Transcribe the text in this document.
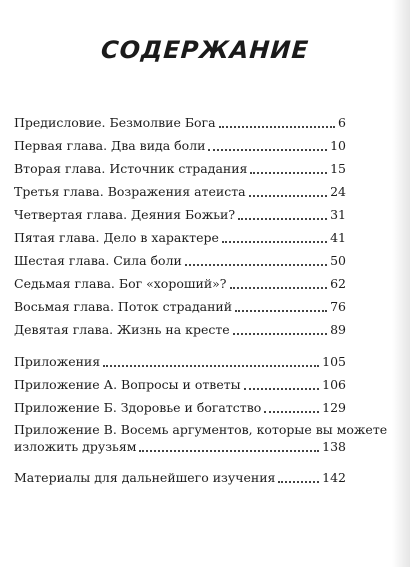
СОДЕРЖАНИЕ
Предисловие. Безмолвие Бога	6
Первая глава. Два вида боли	10
Вторая глава. Источник страдания	15
Третья глава. Возражения атеиста	24
Четвертая глава. Деяния Божьи?	31
Пятая глава. Дело в характере	41
Шестая глава. Сила боли	50
Седьмая глава. Бог «хороший»?	62
Восьмая глава. Поток страданий	76
Девятая глава. Жизнь на кресте	89
Приложения	105
Приложение А. Вопросы и ответы	106
Приложение Б. Здоровье и богатство	129
Приложение В. Восемь аргументов, которые вы можете
изложить друзьям	138
Материалы для дальнейшего изучения	142
